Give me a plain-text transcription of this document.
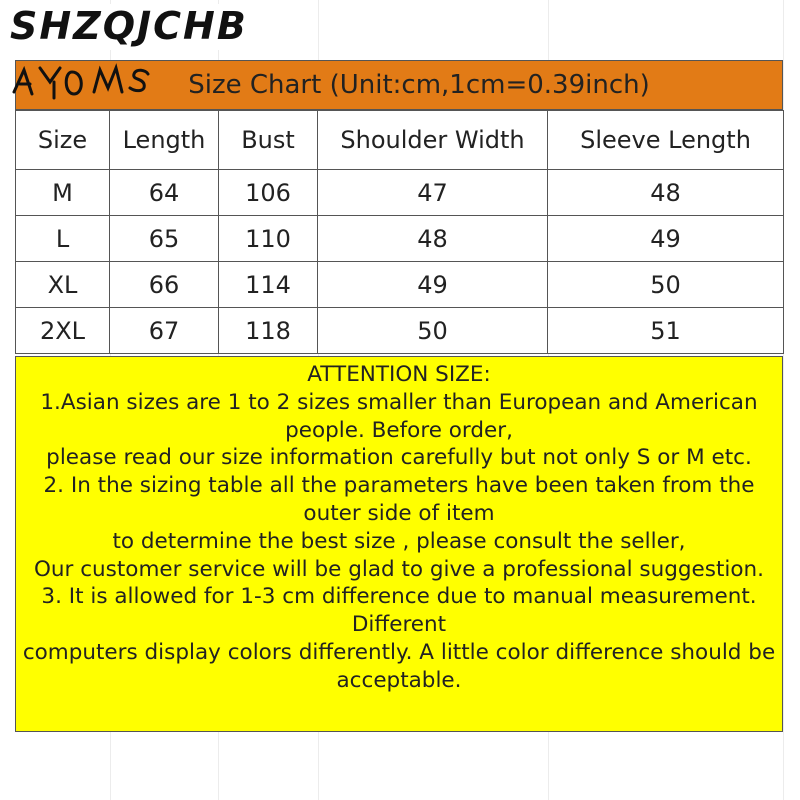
SHZQJCHB
Size Chart (Unit:cm,1cm=0.39inch)
Size	Length	Bust	Shoulder Width	Sleeve Length
M	64	106	47	48
L	65	110	48	49
XL	66	114	49	50
2XL	67	118	50	51
ATTENTION SIZE:
1.Asian sizes are 1 to 2 sizes smaller than European and American people. Before order,
please read our size information carefully but not only S or M etc.
2. In the sizing table all the parameters have been taken from the outer side of item
to determine the best size , please consult the seller,
Our customer service will be glad to give a professional suggestion.
3. It is allowed for 1-3 cm difference due to manual measurement. Different
computers display colors differently. A little color difference should be acceptable.
